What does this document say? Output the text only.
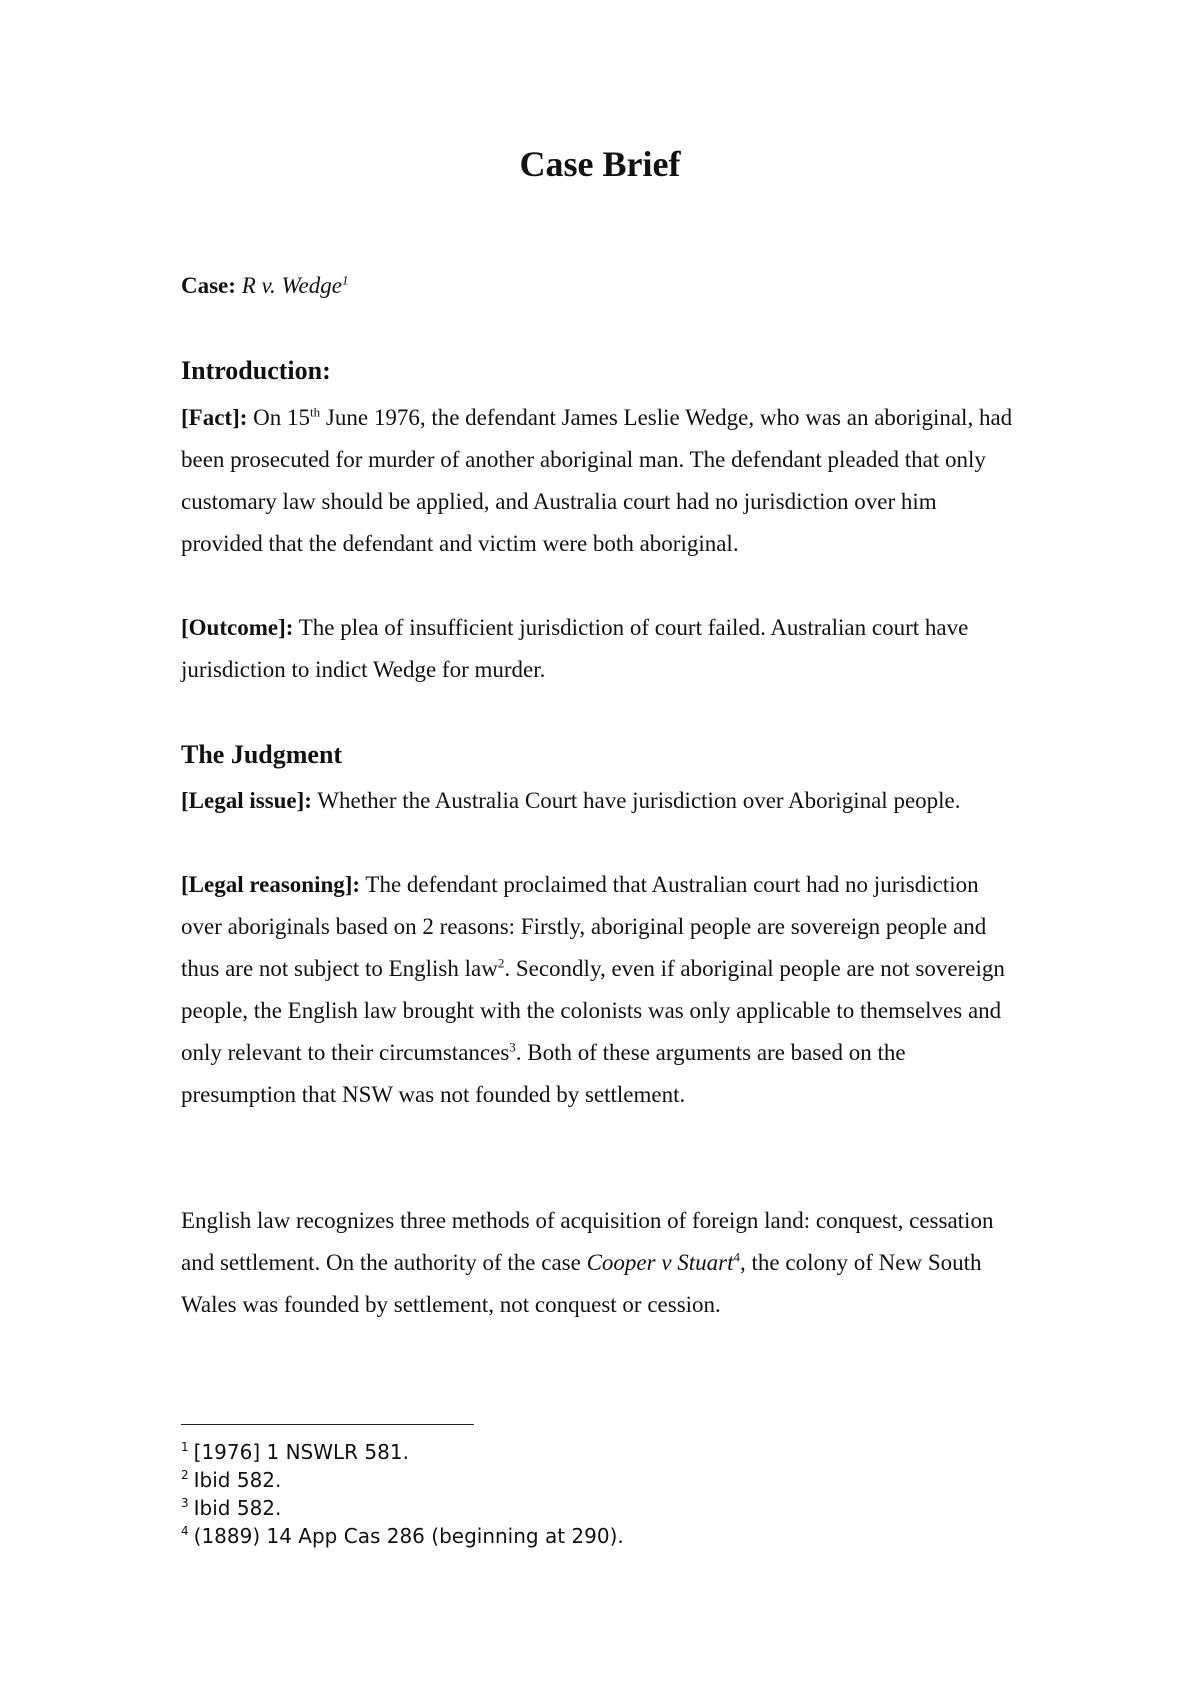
Case Brief
Case: R v. Wedge$^1$
Introduction:
[Fact]: On 15th June 1976, the defendant James Leslie Wedge, who was an aboriginal, had been prosecuted for murder of another aboriginal man. The defendant pleaded that only customary law should be applied, and Australia court had no jurisdiction over him provided that the defendant and victim were both aboriginal.
[Outcome]: The plea of insufficient jurisdiction of court failed. Australian court have jurisdiction to indict Wedge for murder.
The Judgment
[Legal issue]: Whether the Australia Court have jurisdiction over Aboriginal people.
[Legal reasoning]: The defendant proclaimed that Australian court had no jurisdiction over aboriginals based on 2 reasons: Firstly, aboriginal people are sovereign people and thus are not subject to English law$^2$. Secondly, even if aboriginal people are not sovereign people, the English law brought with the colonists was only applicable to themselves and only relevant to their circumstances$^3$. Both of these arguments are based on the presumption that NSW was not founded by settlement.
English law recognizes three methods of acquisition of foreign land: conquest, cessation and settlement. On the authority of the case Cooper v Stuart$^4$, the colony of New South Wales was founded by settlement, not conquest or cession.
$^1$ [1976] 1 NSWLR 581.
$^2$ Ibid 582.
$^3$ Ibid 582.
$^4$ (1889) 14 App Cas 286 (beginning at 290).
